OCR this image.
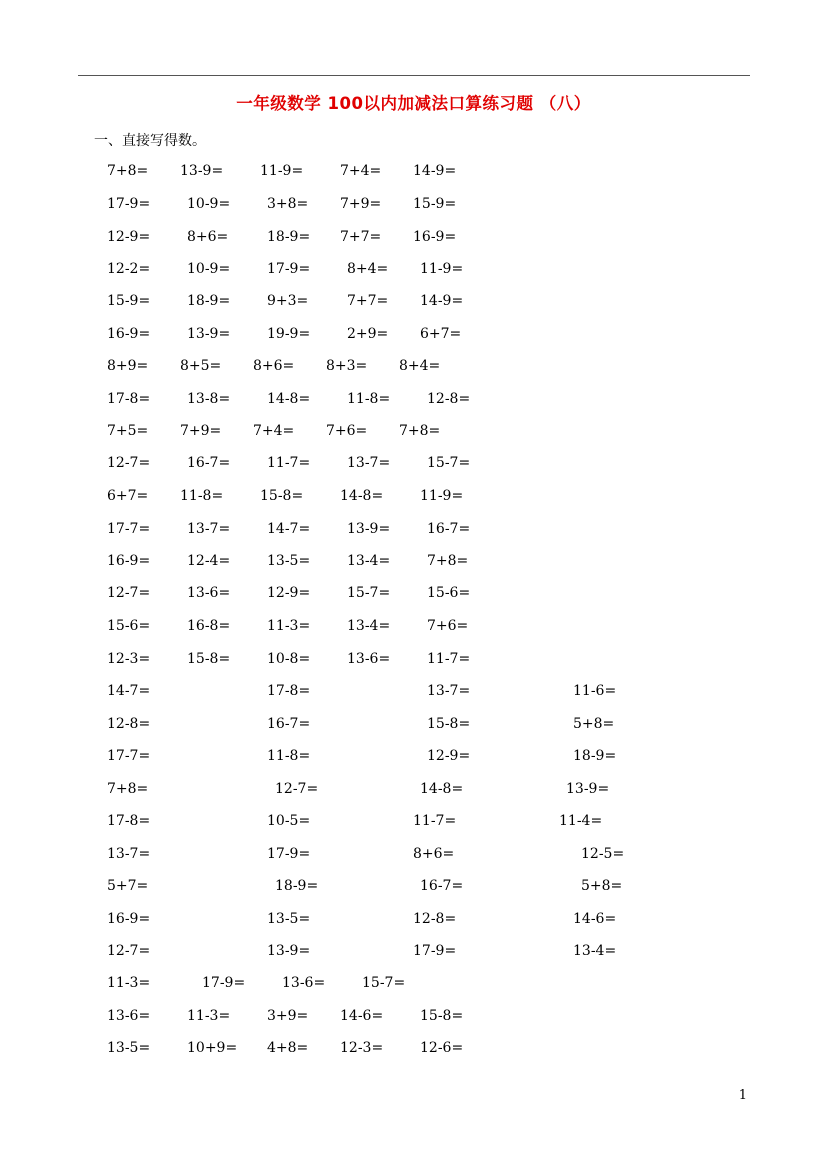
一年级数学 100以内加减法口算练习题 （八）
一、直接写得数。
7+8= 13-9=	11-9=	7+4= 14-9=
17-9=	10-9=	3+8= 7+9= 15-9=
12-9=	8+6=	18-9= 7+7= 16-9=
12-2=	10-9=	17-9=	8+4= 11-9=
15-9=	18-9=	9+3=	7+7= 14-9=
16-9=	13-9=	19-9=	2+9= 6+7=
8+9= 8+5= 8+6= 8+3= 8+4=
17-8=	13-8=	14-8=	11-8=	12-8=
7+5= 7+9= 7+4= 7+6= 7+8=
12-7=	16-7=	11-7=	13-7=	15-7=
6+7= 11-8=	15-8=	14-8=	11-9=
17-7=	13-7=	14-7=	13-9=	16-7=
16-9=	12-4=	13-5=	13-4=	7+8=
12-7=	13-6=	12-9=	15-7=	15-6=
15-6=	16-8=	11-3=	13-4=	7+6=
12-3=	15-8=	10-8=	13-6=	11-7=
14-7=	17-8=	13-7=	11-6=
12-8=	16-7=	15-8=	5+8=
17-7=	11-8=	12-9=	18-9=
7+8=	12-7=	14-8=	13-9=
17-8=	10-5=	11-7=	11-4=
13-7=	17-9=	8+6=	12-5=
5+7=	18-9=	16-7=	5+8=
16-9=	13-5=	12-8=	14-6=
12-7=	13-9=	17-9=	13-4=
11-3=	17-9=	13-6=	15-7=
13-6=	11-3=	3+9= 14-6=	15-8=
13-5=	10+9= 4+8= 12-3=	12-6=
1
